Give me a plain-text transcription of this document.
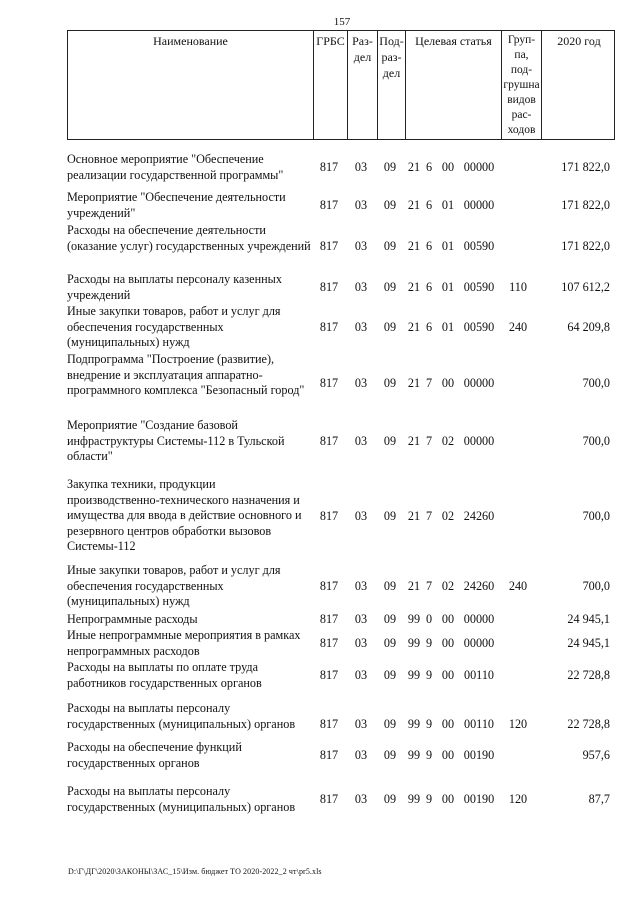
157
Наименование	ГРБС Раз-
дел
Под-
раз-
дел
Целевая статья	Груп-
па,
под-
грушна
видов
рас-
ходов
2020 год
Основное мероприятие "Обеспечение реализации государственной программы"
817	03	09 21 6 00 00000	171 822,0
Мероприятие "Обеспечение деятельности учреждений"
817	03	09 21 6 01 00000	171 822,0
Расходы на обеспечение деятельности (оказание услуг) государственных учреждений 817	03	09 21 6 01 00590	171 822,0
Расходы на выплаты персоналу казенных учреждений
817	03	09 21 6 01 00590	110	107 612,2
Иные закупки товаров, работ и услуг для обеспечения государственных (муниципальных) нужд
817	03	09 21 6 01 00590	240	64 209,8
Подпрограмма "Построение (развитие), внедрение и эксплуатация аппаратно-программного комплекса "Безопасный город"	817	03	09 21 7 00 00000	700,0
Мероприятие "Создание базовой инфраструктуры Системы-112 в Тульской области"
817	03	09 21 7 02 00000	700,0
Закупка техники, продукции производственно-технического назначения и имущества для ввода в действие основного и резервного центров обработки вызовов Системы-112
817	03	09 21 7 02 24260	700,0
Иные закупки товаров, работ и услуг для обеспечения государственных (муниципальных) нужд
817	03	09 21 7 02 24260	240	700,0
Непрограммные расходы	817	03	09 99 0 00 00000	24 945,1
Иные непрограммные мероприятия в рамках непрограммных расходов
817	03	09 99 9 00 00000	24 945,1
Расходы на выплаты по оплате труда работников государственных органов
817	03	09 99 9 00 00110	22 728,8
Расходы на выплаты персоналу государственных (муниципальных) органов	817	03	09 99 9 00 00110	120	22 728,8
Расходы на обеспечение функций государственных органов
817	03	09 99 9 00 00190	957,6
Расходы на выплаты персоналу государственных (муниципальных) органов
817	03	09 99 9 00 00190	120	87,7
D:\Г\ДГ\2020\ЗАКОНЫ\ЗАС_15\Изм. бюджет ТО 2020-2022_2 чт\pr5.xls
